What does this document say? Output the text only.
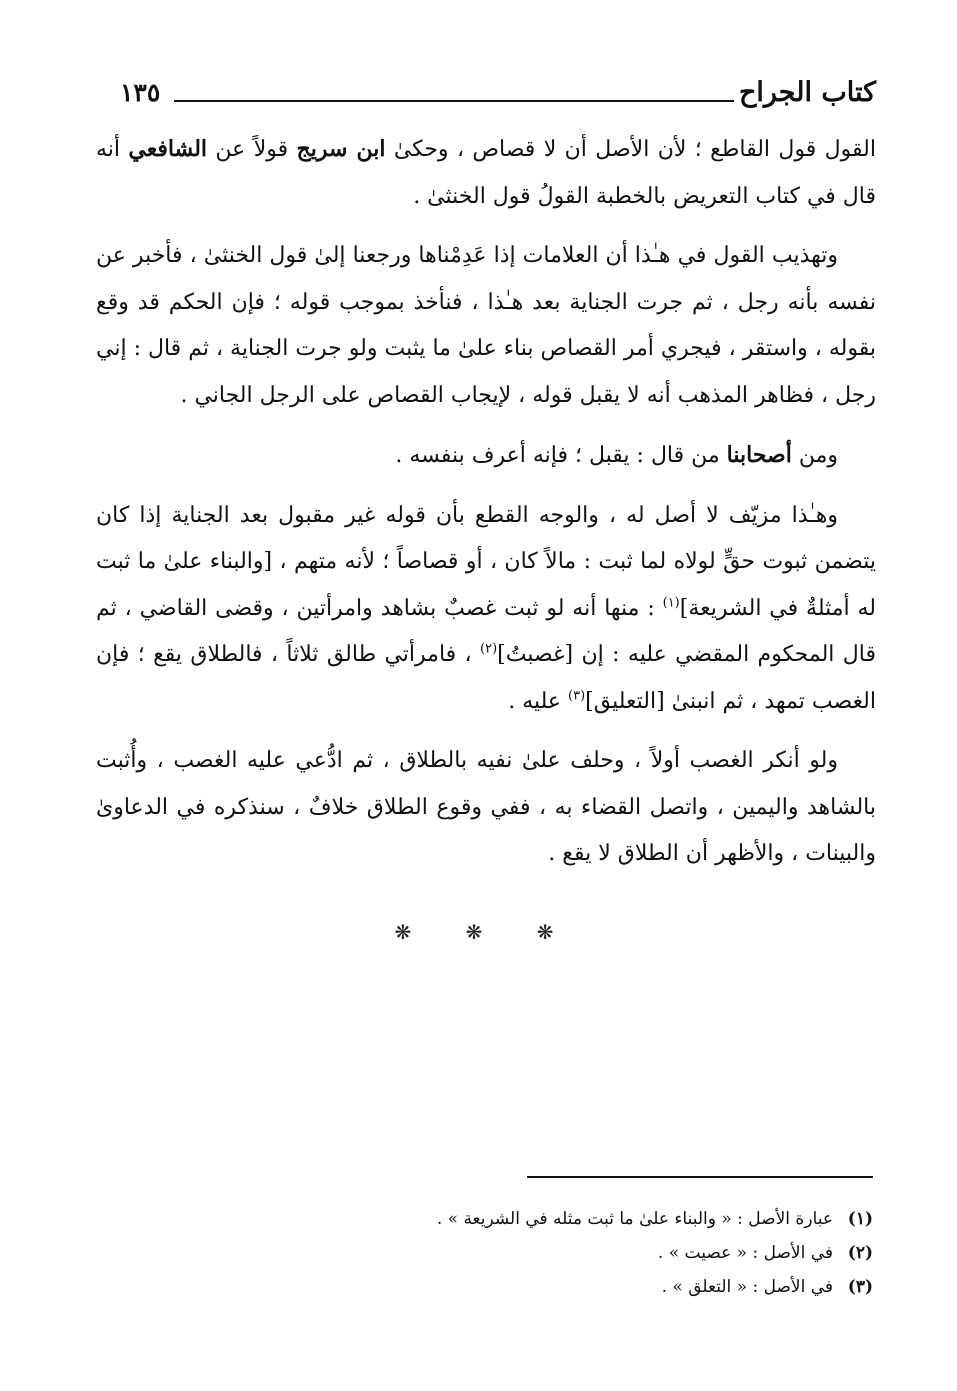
كتاب الجراح
١٣٥

القول قول القاطع ؛ لأن الأصل أن لا قصاص ، وحكىٰ ابن سريج قولاً عن الشافعي أنه قال في كتاب التعريض بالخطبة القولُ قول الخنثىٰ .

وتهذيب القول في هـٰذا أن العلامات إذا عَدِمْناها ورجعنا إلىٰ قول الخنثىٰ ، فأخبر عن نفسه بأنه رجل ، ثم جرت الجناية بعد هـٰذا ، فنأخذ بموجب قوله ؛ فإن الحكم قد وقع بقوله ، واستقر ، فيجري أمر القصاص بناء علىٰ ما يثبت ولو جرت الجناية ، ثم قال : إني رجل ، فظاهر المذهب أنه لا يقبل قوله ، لإيجاب القصاص على الرجل الجاني .

ومن أصحابنا من قال : يقبل ؛ فإنه أعرف بنفسه .

وهـٰذا مزيّف لا أصل له ، والوجه القطع بأن قوله غير مقبول بعد الجناية إذا كان يتضمن ثبوت حقٍّ لولاه لما ثبت : مالاً كان ، أو قصاصاً ؛ لأنه متهم ، [والبناء علىٰ ما ثبت له أمثلةٌ في الشريعة]$^{(١)}$ : منها أنه لو ثبت غصبٌ بشاهد وامرأتين ، وقضى القاضي ، ثم قال المحكوم المقضي عليه : إن [غصبتُ]$^{(٢)}$ ، فامرأتي طالق ثلاثاً ، فالطلاق يقع ؛ فإن الغصب تمهد ، ثم انبنىٰ [التعليق]$^{(٣)}$ عليه .

ولو أنكر الغصب أولاً ، وحلف علىٰ نفيه بالطلاق ، ثم ادُّعي عليه الغصب ، وأُثبت بالشاهد واليمين ، واتصل القضاء به ، ففي وقوع الطلاق خلافٌ ، سنذكره في الدعاوىٰ والبينات ، والأظهر أن الطلاق لا يقع .

❋ ❋ ❋
(١)
عبارة الأصل : « والبناء علىٰ ما ثبت مثله في الشريعة » .
(٢)
في الأصل : « عصيت » .
(٣)
في الأصل : « التعلق » .
